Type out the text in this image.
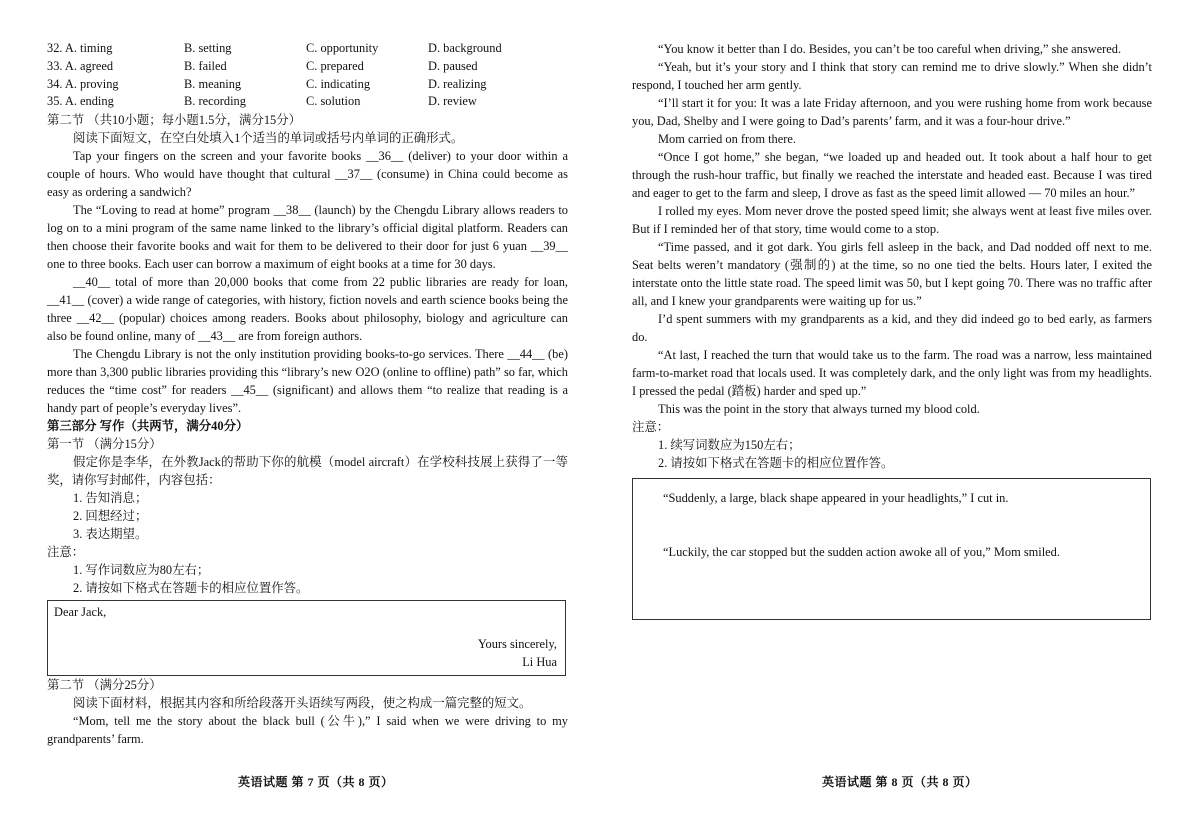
32. A. timing	B. setting	C. opportunity	D. background
33. A. agreed	B. failed	C. prepared	D. paused
34. A. proving	B. meaning	C. indicating	D. realizing
35. A. ending	B. recording	C. solution	D. review

第二节 （共10小题；每小题1.5分，满分15分）

阅读下面短文，在空白处填入1个适当的单词或括号内单词的正确形式。

Tap your fingers on the screen and your favorite books __36__ (deliver) to your door within a couple of hours. Who would have thought that cultural __37__ (consume) in China could become as easy as ordering a sandwich?

The “Loving to read at home” program __38__ (launch) by the Chengdu Library allows readers to log on to a mini program of the same name linked to the library’s official digital platform. Readers can then choose their favorite books and wait for them to be delivered to their door for just 6 yuan __39__ one to three books. Each user can borrow a maximum of eight books at a time for 30 days.

__40__ total of more than 20,000 books that come from 22 public libraries are ready for loan, __41__ (cover) a wide range of categories, with history, fiction novels and earth science books being the three __42__ (popular) choices among readers. Books about philosophy, biology and agriculture can also be found online, many of __43__ are from foreign authors.

The Chengdu Library is not the only institution providing books-to-go services. There __44__ (be) more than 3,300 public libraries providing this “library’s new O2O (online to offline) path” so far, which reduces the “time cost” for readers __45__ (significant) and allows them “to realize that reading is a handy part of people’s everyday lives”.

第三部分 写作（共两节，满分40分）

第一节 （满分15分）

假定你是李华，在外教Jack的帮助下你的航模（model aircraft）在学校科技展上获得了一等奖，请你写封邮件，内容包括：

1. 告知消息；

2. 回想经过；

3. 表达期望。

注意：

1. 写作词数应为80左右；

2. 请按如下格式在答题卡的相应位置作答。

Dear Jack,

Yours sincerely,
Li Hua

第二节 （满分25分）

阅读下面材料，根据其内容和所给段落开头语续写两段，使之构成一篇完整的短文。

“Mom, tell me the story about the black bull (公牛),” I said when we were driving to my grandparents’ farm.

“You know it better than I do. Besides, you can’t be too careful when driving,” she answered.

“Yeah, but it’s your story and I think that story can remind me to drive slowly.” When she didn’t respond, I touched her arm gently.

“I’ll start it for you: It was a late Friday afternoon, and you were rushing home from work because you, Dad, Shelby and I were going to Dad’s parents’ farm, and it was a four-hour drive.”

Mom carried on from there.

“Once I got home,” she began, “we loaded up and headed out. It took about a half hour to get through the rush-hour traffic, but finally we reached the interstate and headed east. Because I was tired and eager to get to the farm and sleep, I drove as fast as the speed limit allowed — 70 miles an hour.”

I rolled my eyes. Mom never drove the posted speed limit; she always went at least five miles over. But if I reminded her of that story, time would come to a stop.

“Time passed, and it got dark. You girls fell asleep in the back, and Dad nodded off next to me. Seat belts weren’t mandatory (强制的) at the time, so no one tied the belts. Hours later, I exited the interstate onto the little state road. The speed limit was 50, but I kept going 70. There was no traffic after all, and I knew your grandparents were waiting up for us.”

I’d spent summers with my grandparents as a kid, and they did indeed go to bed early, as farmers do.

“At last, I reached the turn that would take us to the farm. The road was a narrow, less maintained farm-to-market road that locals used. It was completely dark, and the only light was from my headlights. I pressed the pedal (踏板) harder and sped up.”

This was the point in the story that always turned my blood cold.

注意：

1. 续写词数应为150左右；

2. 请按如下格式在答题卡的相应位置作答。

“Suddenly, a large, black shape appeared in your headlights,” I cut in.

“Luckily, the car stopped but the sudden action awoke all of you,” Mom smiled.

英语试题 第 7 页（共 8 页）	英语试题 第 8 页（共 8 页）
